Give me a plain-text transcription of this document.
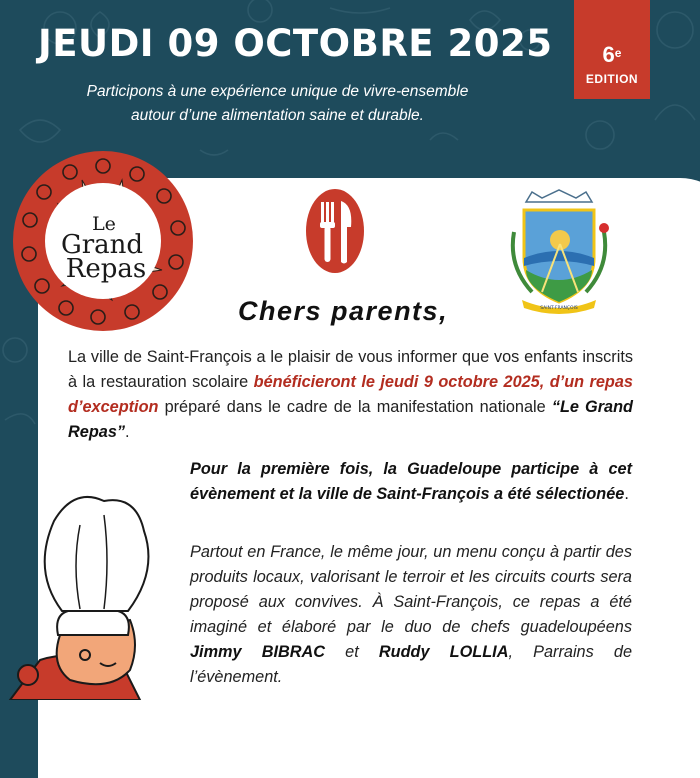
JEUDI 09 OCTOBRE 2025
Participons à une expérience unique de vivre-ensemble
autour d’une alimentation saine et durable.
6e
EDITION
Le
Grand
Repas
SAINT-FRANÇOIS
Chers parents,

La ville de Saint-François a le plaisir de vous informer que vos enfants inscrits à la restauration scolaire bénéficieront le jeudi 9 octobre 2025, d’un repas d’exception préparé dans le cadre de la manifestation nationale “Le Grand Repas”.

Pour la première fois, la Guadeloupe participe à cet évènement et la ville de Saint-François a été sélectionée.

Partout en France, le même jour, un menu conçu à partir des produits locaux, valorisant le terroir et les circuits courts sera proposé aux convives. À Saint-François, ce repas a été imaginé et élaboré par le duo de chefs guadeloupéens Jimmy BIBRAC et Ruddy LOLLIA, Parrains de l’évènement.
